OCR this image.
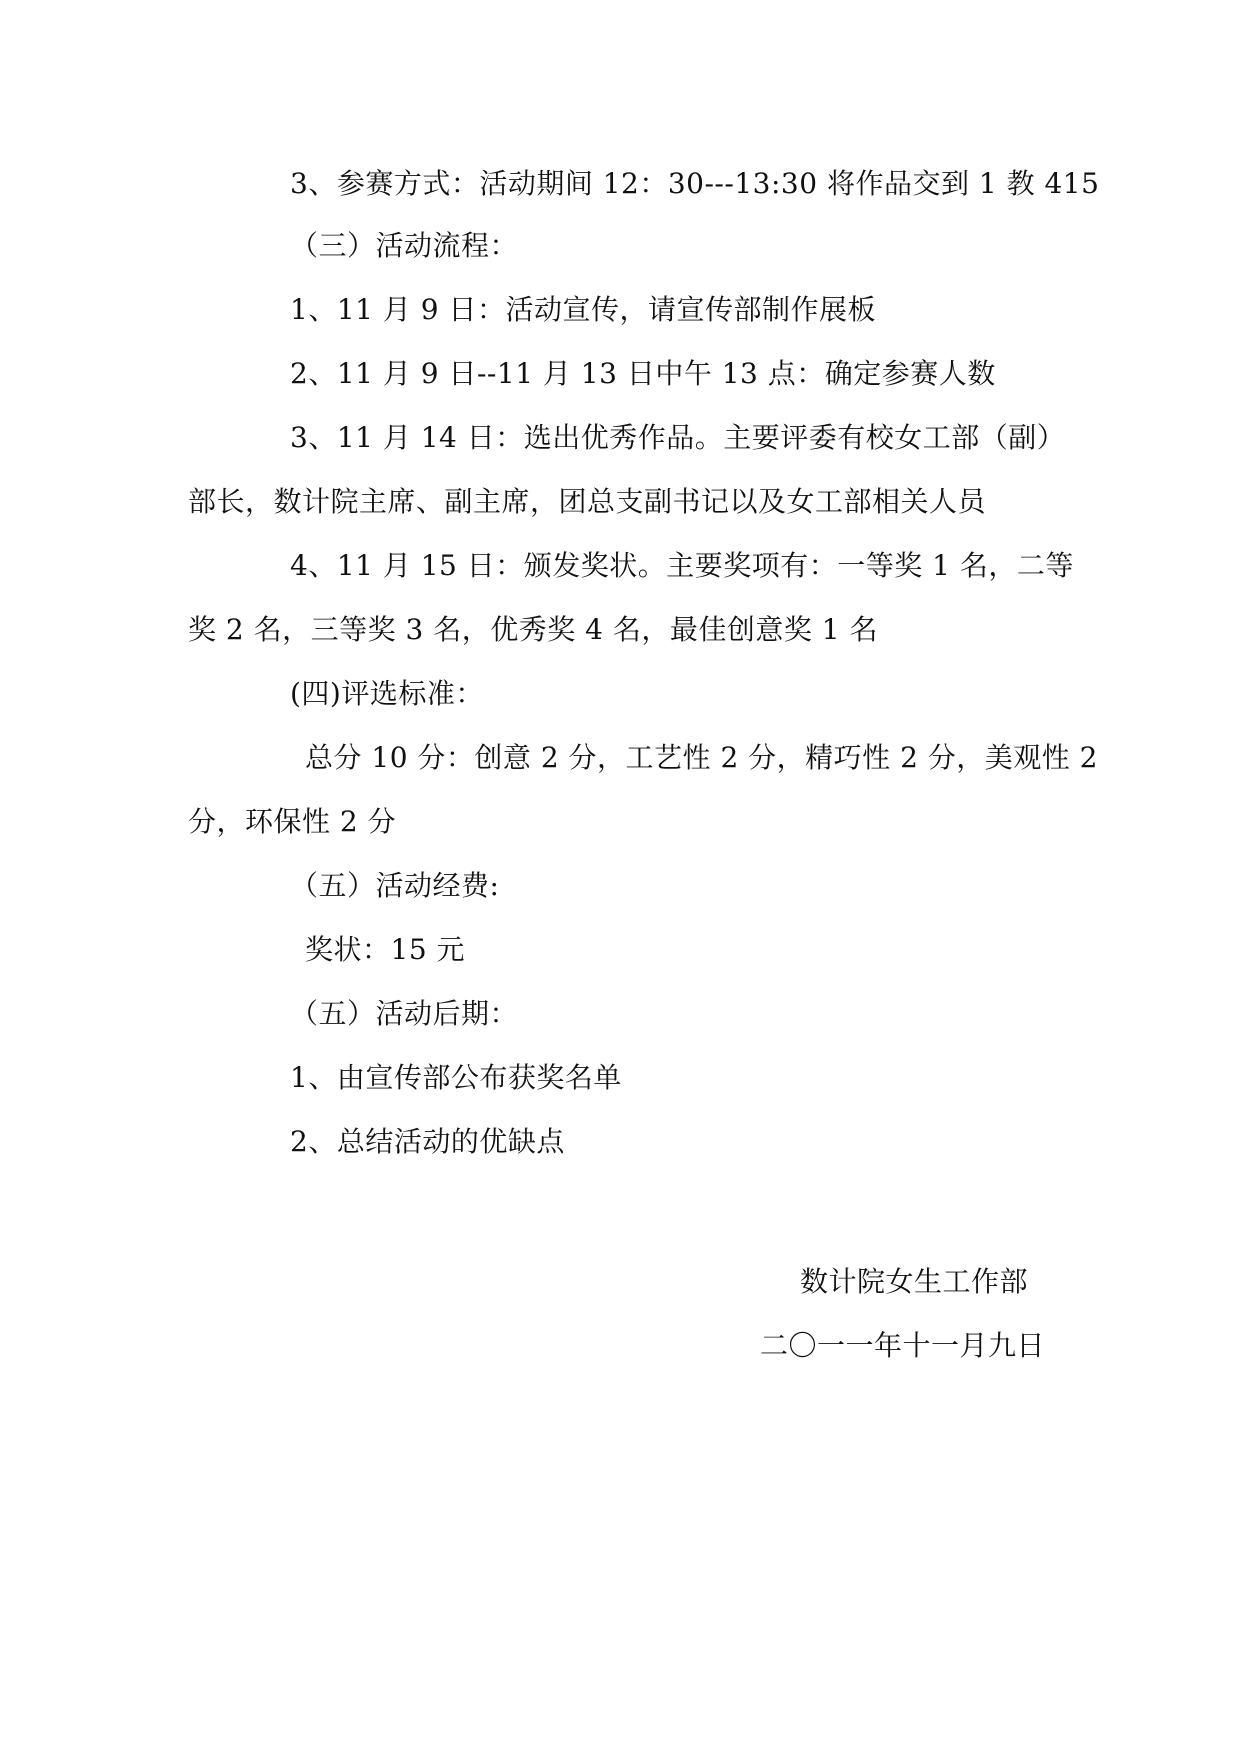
3、参赛方式：活动期间 12：30---13:30 将作品交到 1 教 415
（三）活动流程：
1、11 月 9 日：活动宣传，请宣传部制作展板
2、11 月 9 日--11 月 13 日中午 13 点：确定参赛人数
3、11 月 14 日：选出优秀作品。主要评委有校女工部（副）
部长，数计院主席、副主席，团总支副书记以及女工部相关人员
4、11 月 15 日：颁发奖状。主要奖项有：一等奖 1 名，二等
奖 2 名，三等奖 3 名，优秀奖 4 名，最佳创意奖 1 名
(四)评选标准：
总分 10 分：创意 2 分，工艺性 2 分，精巧性 2 分，美观性 2
分，环保性 2 分
（五）活动经费:
奖状：15 元
（五）活动后期：
1、由宣传部公布获奖名单
2、总结活动的优缺点
数计院女生工作部
二〇一一年十一月九日
